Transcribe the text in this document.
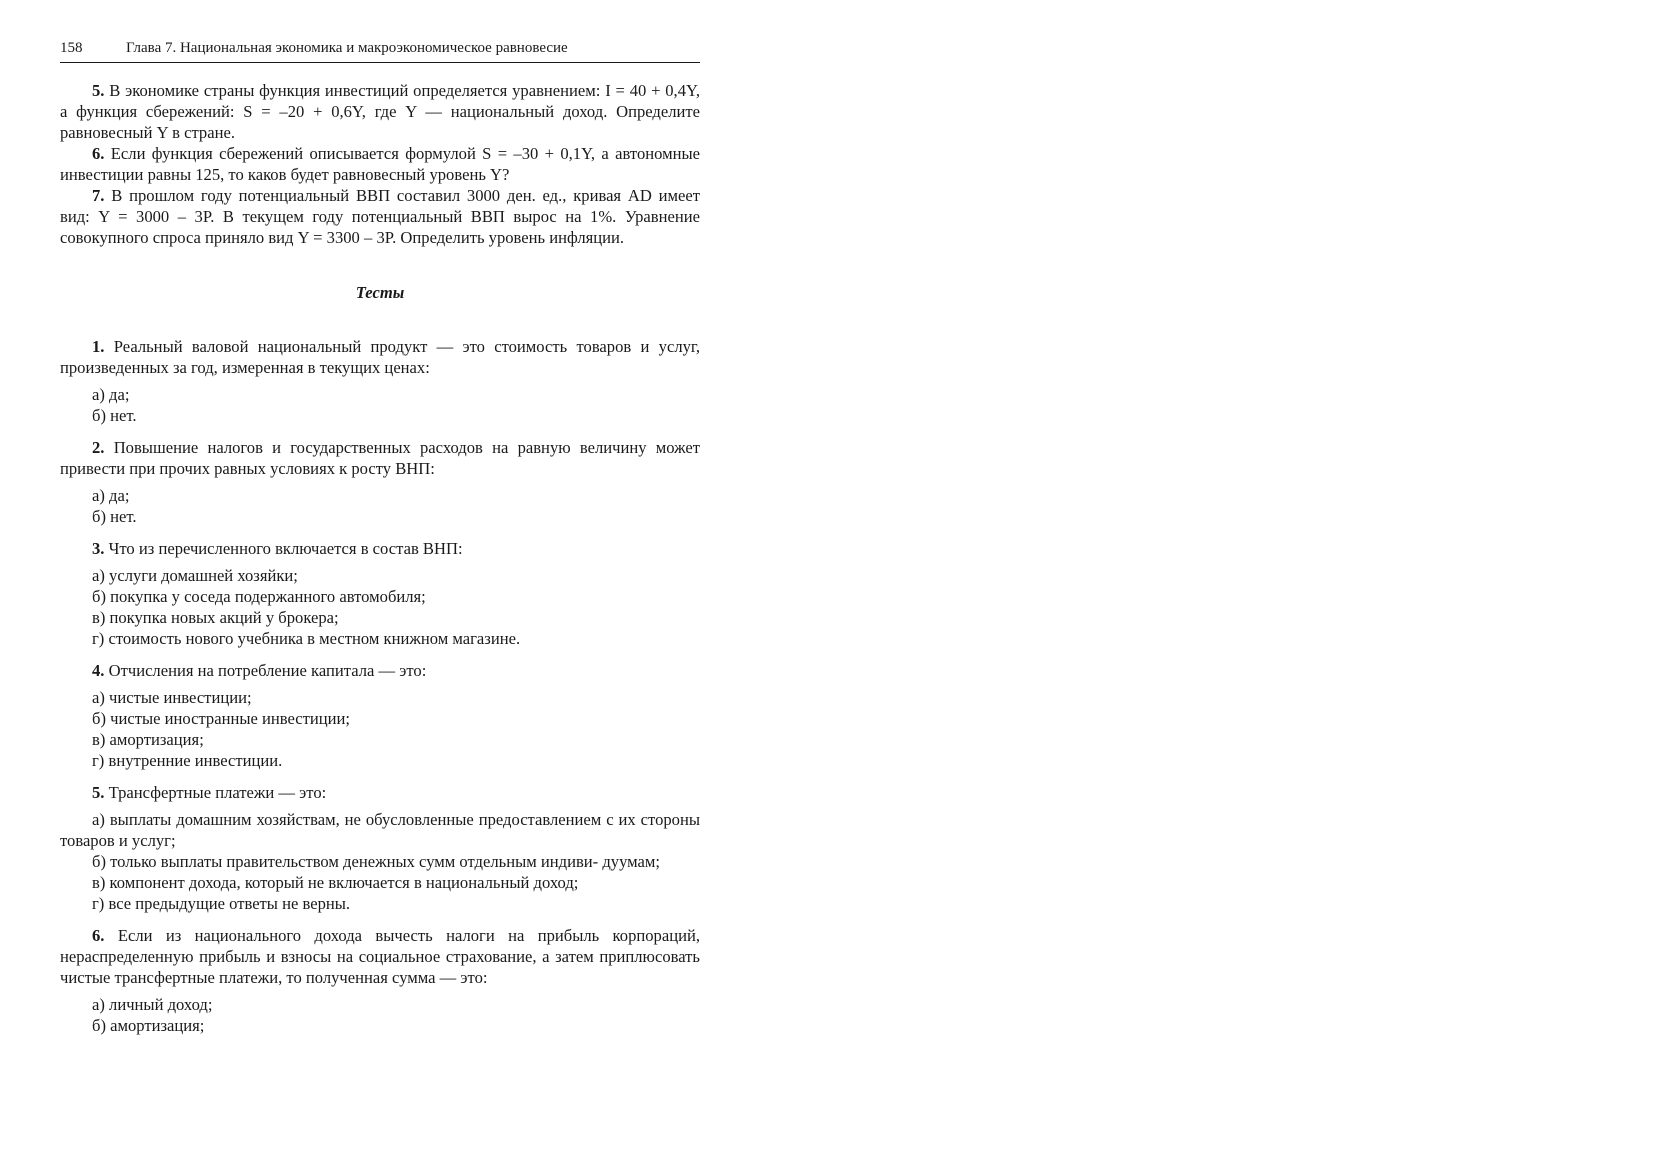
158	Глава 7. Национальная экономика и макроэкономическое равновесие

5. В экономике страны функция инвестиций определяется уравнением: I = 40 + 0,4Y, а функция сбережений: S = –20 + 0,6Y, где Y — национальный доход. Определите равновесный Y в стране.

6. Если функция сбережений описывается формулой S = –30 + 0,1Y, а автономные инвестиции равны 125, то каков будет равновесный уровень Y?

7. В прошлом году потенциальный ВВП составил 3000 ден. ед., кривая AD имеет вид: Y = 3000 – 3P. В текущем году потенциальный ВВП вырос на 1%. Уравнение совокупного спроса приняло вид Y = 3300 – 3P. Определить уровень инфляции.

Тесты

1. Реальный валовой национальный продукт — это стоимость товаров и услуг, произведенных за год, измеренная в текущих ценах:

а) да;

б) нет.

2. Повышение налогов и государственных расходов на равную величину может привести при прочих равных условиях к росту ВНП:

а) да;

б) нет.

3. Что из перечисленного включается в состав ВНП:

а) услуги домашней хозяйки;

б) покупка у соседа подержанного автомобиля;

в) покупка новых акций у брокера;

г) стоимость нового учебника в местном книжном магазине.

4. Отчисления на потребление капитала — это:

а) чистые инвестиции;

б) чистые иностранные инвестиции;

в) амортизация;

г) внутренние инвестиции.

5. Трансфертные платежи — это:

а) выплаты домашним хозяйствам, не обусловленные предоставлением с их стороны товаров и услуг;

б) только выплаты правительством денежных сумм отдельным индиви- дуумам;

в) компонент дохода, который не включается в национальный доход;

г) все предыдущие ответы не верны.

6. Если из национального дохода вычесть налоги на прибыль корпораций, нераспределенную прибыль и взносы на социальное страхование, а затем приплюсовать чистые трансфертные платежи, то полученная сумма — это:

а) личный доход;

б) амортизация;
